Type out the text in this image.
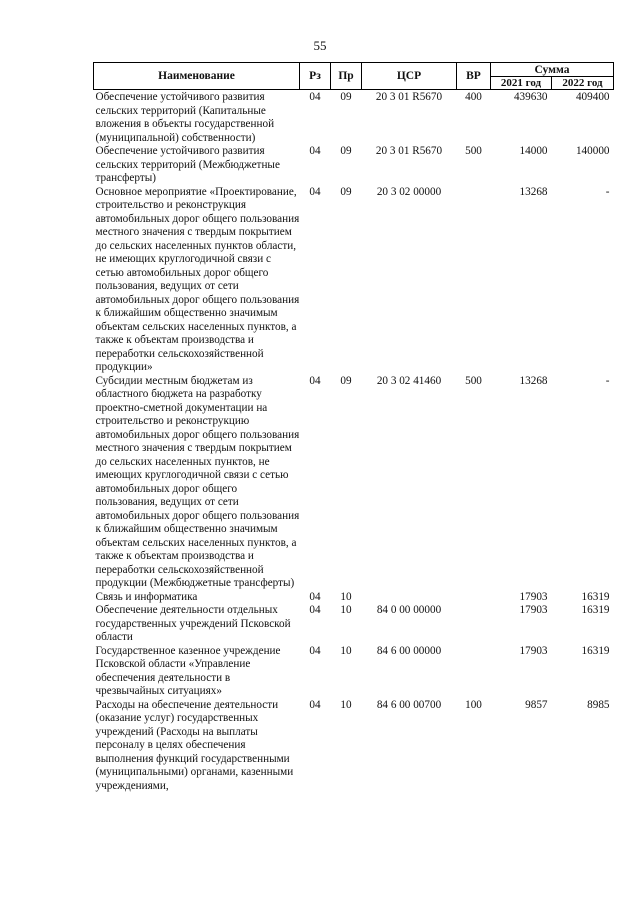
55
Наименование	Рз	Пр	ЦСР	ВР	Сумма	
					2021 год	2022 год
Обеспечение устойчивого развития сельских территорий (Капитальные вложения в объекты государственной (муниципальной) собственности)	04	09	20 3 01 R5670	400	439630	409400
Обеспечение устойчивого развития сельских территорий (Межбюджетные трансферты)	04	09	20 3 01 R5670	500	14000	140000
Основное мероприятие «Проектирование, строительство и реконструкция автомобильных дорог общего пользования местного значения с твердым покрытием до сельских населенных пунктов области, не имеющих круглогодичной связи с сетью автомобильных дорог общего пользования, ведущих от сети автомобильных дорог общего пользования к ближайшим общественно значимым объектам сельских населенных пунктов, а также к объектам производства и переработки сельскохозяйственной продукции»	04	09	20 3 02 00000		13268	-
Субсидии местным бюджетам из областного бюджета на разработку проектно-сметной документации на строительство и реконструкцию автомобильных дорог общего пользования местного значения с твердым покрытием до сельских населенных пунктов, не имеющих круглогодичной связи с сетью автомобильных дорог общего пользования, ведущих от сети автомобильных дорог общего пользования к ближайшим общественно значимым объектам сельских населенных пунктов, а также к объектам производства и переработки сельскохозяйственной продукции (Межбюджетные трансферты)	04	09	20 3 02 41460	500	13268	-
Связь и информатика	04	10			17903	16319
Обеспечение деятельности отдельных государственных учреждений Псковской области	04	10	84 0 00 00000		17903	16319
Государственное казенное учреждение Псковской области «Управление обеспечения деятельности в чрезвычайных ситуациях»	04	10	84 6 00 00000		17903	16319
Расходы на обеспечение деятельности (оказание услуг) государственных учреждений (Расходы на выплаты персоналу в целях обеспечения выполнения функций государственными (муниципальными) органами, казенными учреждениями,	04	10	84 6 00 00700	100	9857	8985
